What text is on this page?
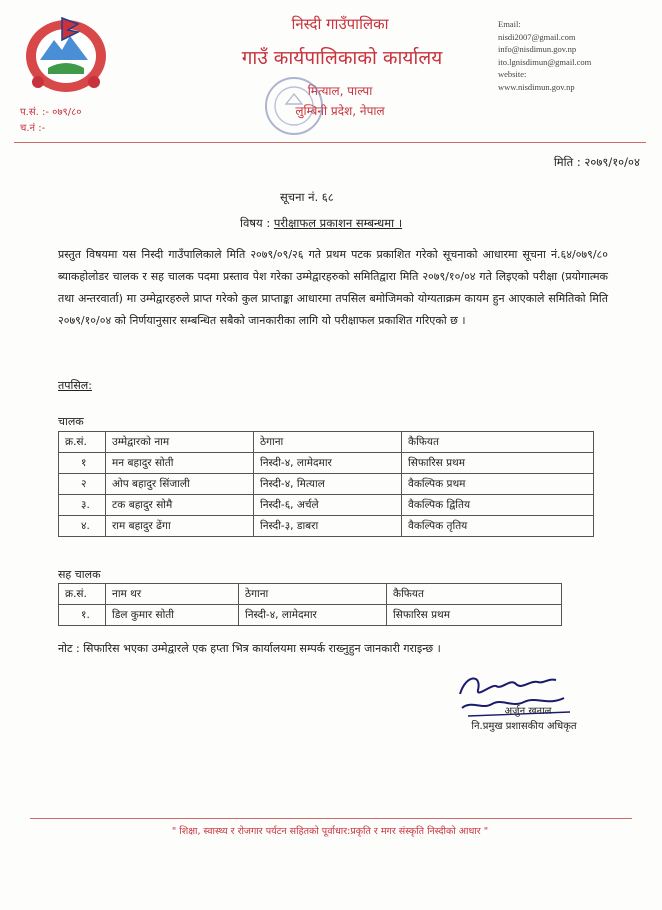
निस्दी गाउँपालिका
गाउँ कार्यपालिकाको कार्यालय
मित्याल, पाल्पा
लुम्बिनी प्रदेश, नेपाल
Email:
nisdi2007@gmail.com
info@nisdimun.gov.np
ito.lgnisdimun@gmail.com
website:
www.nisdimun.gov.np
प.सं. :- ०७९/८०
च.नं :-
मिति : २०७९/१०/०४
सूचना नं. ६८
विषय : परीक्षाफल प्रकाशन सम्बन्धमा ।
प्रस्तुत विषयमा यस निस्दी गाउँपालिकाले मिति २०७९/०९/२६ गते प्रथम पटक प्रकाशित गरेको सूचनाको आधारमा सूचना नं.६४/०७९/८० ब्याकहोलोडर चालक र सह चालक पदमा प्रस्ताव पेश गरेका उम्मेद्वारहरुको समितिद्वारा मिति २०७९/१०/०४ गते लिइएको परीक्षा (प्रयोगात्मक तथा अन्तरवार्ता) मा उम्मेद्वारहरुले प्राप्त गरेको कुल प्राप्ताङ्का आधारमा तपसिल बमोजिमको योग्यताक्रम कायम हुन आएकाले समितिको मिति २०७९/१०/०४ को निर्णयानुसार सम्बन्धित सबैको जानकारीका लागि यो परीक्षाफल प्रकाशित गरिएको छ ।
तपसिल:
चालक
क्र.सं.	उम्मेद्वारको नाम	ठेगाना	कैफियत
१	मन बहादुर सोती	निस्दी-४, लामेदमार	सिफारिस प्रथम
२	ओप बहादुर सिंजाली	निस्दी-४, मित्याल	वैकल्पिक प्रथम
३.	टक बहादुर सोमै	निस्दी-६, अर्चले	वैकल्पिक द्वितिय
४.	राम बहादुर ढेंगा	निस्दी-३, डाबरा	वैकल्पिक तृतिय
सह चालक
क्र.सं.	नाम थर	ठेगाना	कैफियत
१.	डिल कुमार सोती	निस्दी-४, लामेदमार	सिफारिस प्रथम
नोट : सिफारिस भएका उम्मेद्वारले एक हप्ता भित्र कार्यालयमा सम्पर्क राख्नुहुन जानकारी गराइन्छ ।
अर्जुन खनाल
नि.प्रमुख प्रशासकीय अधिकृत
" शिक्षा, स्वास्थ्य र रोजगार पर्यटन सहितको पूर्वाधार:प्रकृति र मगर संस्कृति निस्दीको आधार "
